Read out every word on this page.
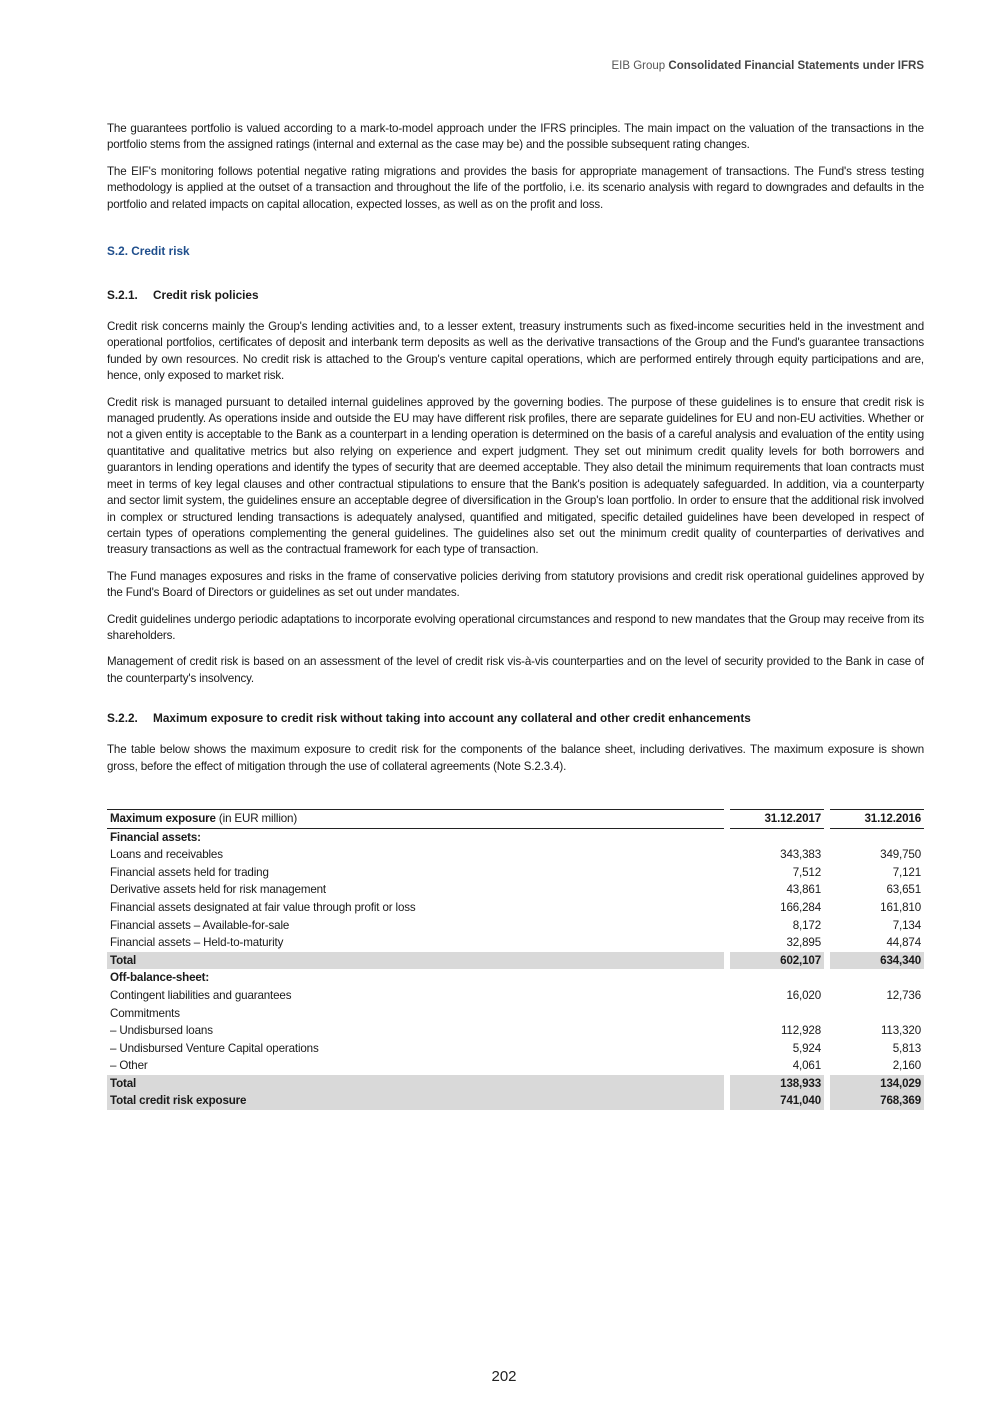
EIB Group Consolidated Financial Statements under IFRS

The guarantees portfolio is valued according to a mark-to-model approach under the IFRS principles. The main impact on the valuation of the transactions in the portfolio stems from the assigned ratings (internal and external as the case may be) and the possible subsequent rating changes.

The EIF's monitoring follows potential negative rating migrations and provides the basis for appropriate management of transactions. The Fund's stress testing methodology is applied at the outset of a transaction and throughout the life of the portfolio, i.e. its scenario analysis with regard to downgrades and defaults in the portfolio and related impacts on capital allocation, expected losses, as well as on the profit and loss.

S.2. Credit risk
S.2.1. Credit risk policies

Credit risk concerns mainly the Group's lending activities and, to a lesser extent, treasury instruments such as fixed-income securities held in the investment and operational portfolios, certificates of deposit and interbank term deposits as well as the derivative transactions of the Group and the Fund's guarantee transactions funded by own resources. No credit risk is attached to the Group's venture capital operations, which are performed entirely through equity participations and are, hence, only exposed to market risk.

Credit risk is managed pursuant to detailed internal guidelines approved by the governing bodies. The purpose of these guidelines is to ensure that credit risk is managed prudently. As operations inside and outside the EU may have different risk profiles, there are separate guidelines for EU and non-EU activities. Whether or not a given entity is acceptable to the Bank as a counterpart in a lending operation is determined on the basis of a careful analysis and evaluation of the entity using quantitative and qualitative metrics but also relying on experience and expert judgment. They set out minimum credit quality levels for both borrowers and guarantors in lending operations and identify the types of security that are deemed acceptable. They also detail the minimum requirements that loan contracts must meet in terms of key legal clauses and other contractual stipulations to ensure that the Bank's position is adequately safeguarded. In addition, via a counterparty and sector limit system, the guidelines ensure an acceptable degree of diversification in the Group's loan portfolio. In order to ensure that the additional risk involved in complex or structured lending transactions is adequately analysed, quantified and mitigated, specific detailed guidelines have been developed in respect of certain types of operations complementing the general guidelines. The guidelines also set out the minimum credit quality of counterparties of derivatives and treasury transactions as well as the contractual framework for each type of transaction.

The Fund manages exposures and risks in the frame of conservative policies deriving from statutory provisions and credit risk operational guidelines approved by the Fund's Board of Directors or guidelines as set out under mandates.

Credit guidelines undergo periodic adaptations to incorporate evolving operational circumstances and respond to new mandates that the Group may receive from its shareholders.

Management of credit risk is based on an assessment of the level of credit risk vis-à-vis counterparties and on the level of security provided to the Bank in case of the counterparty's insolvency.

S.2.2. Maximum exposure to credit risk without taking into account any collateral and other credit enhancements

The table below shows the maximum exposure to credit risk for the components of the balance sheet, including derivatives. The maximum exposure is shown gross, before the effect of mitigation through the use of collateral agreements (Note S.2.3.4).

Maximum exposure (in EUR million)		31.12.2017		31.12.2016
Financial assets:				
Loans and receivables		343,383		349,750
Financial assets held for trading		7,512		7,121
Derivative assets held for risk management		43,861		63,651
Financial assets designated at fair value through profit or loss		166,284		161,810
Financial assets – Available-for-sale		8,172		7,134
Financial assets – Held-to-maturity		32,895		44,874
Total		602,107		634,340
Off-balance-sheet:				
Contingent liabilities and guarantees		16,020		12,736
Commitments				
– Undisbursed loans		112,928		113,320
– Undisbursed Venture Capital operations		5,924		5,813
– Other		4,061		2,160
Total		138,933		134,029
Total credit risk exposure		741,040		768,369
202
